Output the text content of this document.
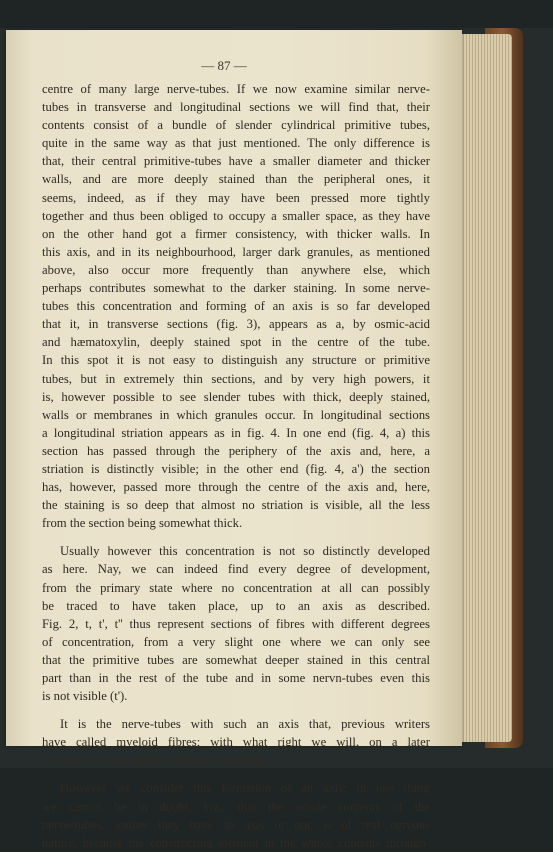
— 87 —
centre of many large nerve-tubes. If we now examine similar nerve-
tubes in transverse and longitudinal sections we will find that, their
contents consist of a bundle of slender cylindrical primitive tubes,
quite in the same way as that just mentioned. The only difference is
that, their central primitive-tubes have a smaller diameter and thicker
walls, and are more deeply stained than the peripheral ones, it
seems, indeed, as if they may have been pressed more tightly
together and thus been obliged to occupy a smaller space, as they have
on the other hand got a firmer consistency, with thicker walls. In
this axis, and in its neighbourhood, larger dark granules, as mentioned
above, also occur more frequently than anywhere else, which
perhaps contributes somewhat to the darker staining. In some nerve-
tubes this concentration and forming of an axis is so far developed
that it, in transverse sections (fig. 3), appears as a, by osmic-acid
and hæmatoxylin, deeply stained spot in the centre of the tube.
In this spot it is not easy to distinguish any structure or primitive
tubes, but in extremely thin sections, and by very high powers, it
is, however possible to see slender tubes with thick, deeply stained,
walls or membranes in which granules occur. In longitudinal sections
a longitudinal striation appears as in fig. 4. In one end (fig. 4, a) this
section has passed through the periphery of the axis and, here, a
striation is distinctly visible; in the other end (fig. 4, a') the section
has, however, passed more through the centre of the axis and, here,
the staining is so deep that almost no striation is visible, all the less
from the section being somewhat thick.
Usually however this concentration is not so distinctly developed
as here. Nay, we can indeed find every degree of development,
from the primary state where no concentration at all can possibly
be traced to have taken place, up to an axis as described.
Fig. 2, t, t', t'' thus represent sections of fibres with different degrees
of concentration, from a very slight one where we can only see
that the primitive tubes are somewhat deeper stained in this central
part than in the rest of the tube and in some nervn-tubes even this
is not visible (t').
It is the nerve-tubes with such an axis that, previous writers
have called myeloid fibres; with what right we will, on a later
occasion, have an opportunity of examining.
However we consider this formation of an axis; in one thing
we cannot be in doubt, viz., that the whole contents of the
nerve-tubes, wether they have an axis or not, is of real nervous
nature, because the constructing element in the whole contents through-
